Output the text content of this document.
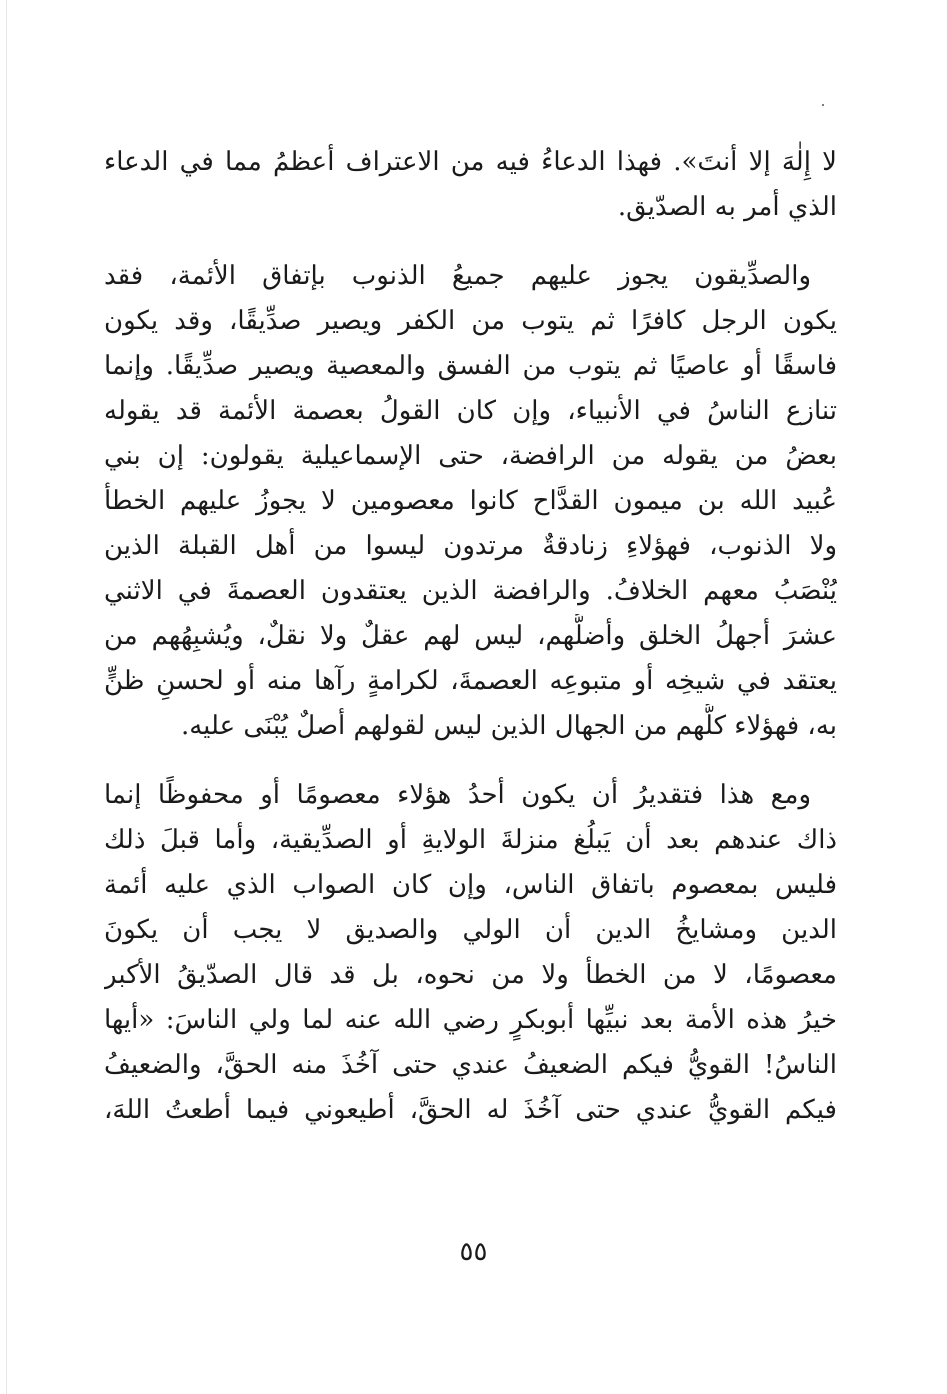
لا إِلٰهَ إلا أنتَ». فهذا الدعاءُ فيه من الاعتراف أعظمُ مما في الدعاء
الذي أمر به الصدّيق.
والصدِّيقون يجوز عليهم جميعُ الذنوب بإتفاق الأئمة، فقد
يكون الرجل كافرًا ثم يتوب من الكفر ويصير صدِّيقًا، وقد يكون
فاسقًا أو عاصيًا ثم يتوب من الفسق والمعصية ويصير صدِّيقًا. وإنما
تنازع الناسُ في الأنبياء، وإن كان القولُ بعصمة الأئمة قد يقوله
بعضُ من يقوله من الرافضة، حتى الإسماعيلية يقولون: إن بني
عُبيد الله بن ميمون القدَّاح كانوا معصومين لا يجوزُ عليهم الخطأ
ولا الذنوب، فهؤلاءِ زنادقةٌ مرتدون ليسوا من أهل القبلة الذين
يُنْصَبُ معهم الخلافُ. والرافضة الذين يعتقدون العصمةَ في الاثني
عشرَ أجهلُ الخلق وأضلُّهم، ليس لهم عقلٌ ولا نقلٌ، ويُشبِهُهم من
يعتقد في شيخِه أو متبوعِه العصمةَ، لكرامةٍ رآها منه أو لحسنِ ظنٍّ
به، فهؤلاء كلُّهم من الجهال الذين ليس لقولهم أصلٌ يُبْنَى عليه.
ومع هذا فتقديرُ أن يكون أحدُ هؤلاء معصومًا أو محفوظًا إنما
ذاك عندهم بعد أن يَبلُغ منزلةَ الولايةِ أو الصدِّيقية، وأما قبلَ ذلك
فليس بمعصوم باتفاق الناس، وإن كان الصواب الذي عليه أئمة
الدين ومشايخُ الدين أن الولي والصديق لا يجب أن يكونَ
معصومًا، لا من الخطأ ولا من نحوه، بل قد قال الصدّيقُ الأكبر
خيرُ هذه الأمة بعد نبيِّها أبوبكرٍ رضي الله عنه لما ولي الناسَ: «أيها
الناسُ! القويُّ فيكم الضعيفُ عندي حتى آخُذَ منه الحقَّ، والضعيفُ
فيكم القويُّ عندي حتى آخُذَ له الحقَّ، أطيعوني فيما أطعتُ اللهَ،
٥٥
